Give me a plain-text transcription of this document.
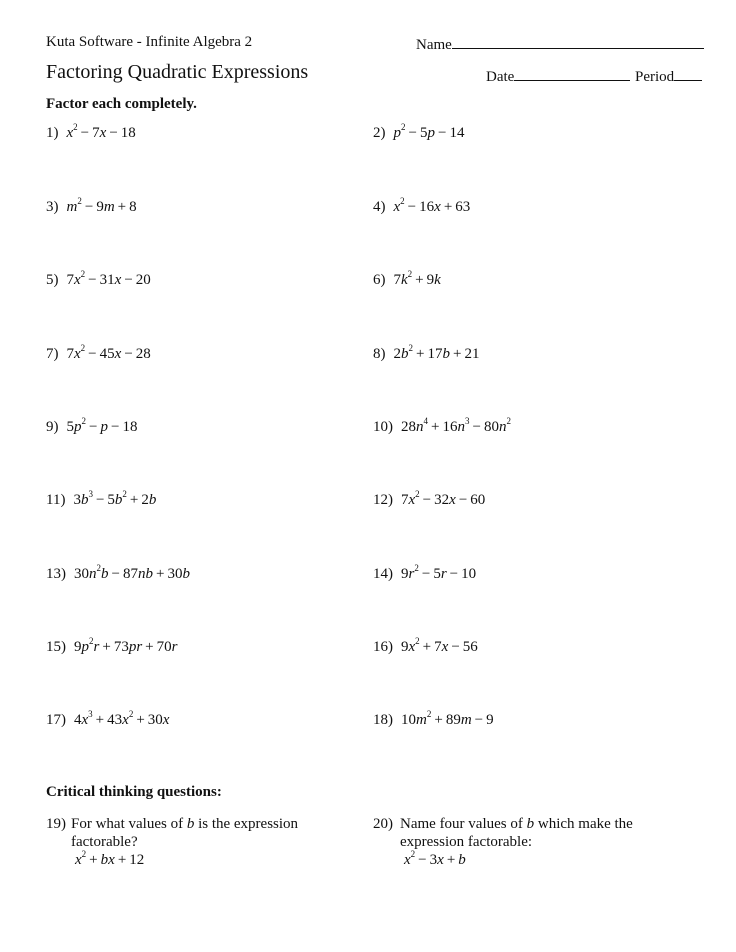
Kuta Software - Infinite Algebra 2	Name
Factoring Quadratic Expressions	Date	Period
Factor each completely.
1) $x^2 - 7x - 18$	2) $p^2 - 5p - 14$
3) $m^2 - 9m + 8$	4) $x^2 - 16x + 63$
5) $7x^2 - 31x - 20$	6) $7k^2 + 9k$
7) $7x^2 - 45x - 28$	8) $2b^2 + 17b + 21$
9) $5p^2 - p - 18$	10) $28n^4 + 16n^3 - 80n^2$
11) $3b^3 - 5b^2 + 2b$	12) $7x^2 - 32x - 60$
13) $30n^2b - 87nb + 30b$	14) $9r^2 - 5r - 10$
15) $9p^2r + 73pr + 70r$	16) $9x^2 + 7x - 56$
17) $4x^3 + 43x^2 + 30x$	18) $10m^2 + 89m - 9$
Critical thinking questions:
19) For what values of b is the expression
factorable?
$x^2$ + bx + 12
20) Name four values of b which make the
expression factorable:
$x^2 - 3x + b$
